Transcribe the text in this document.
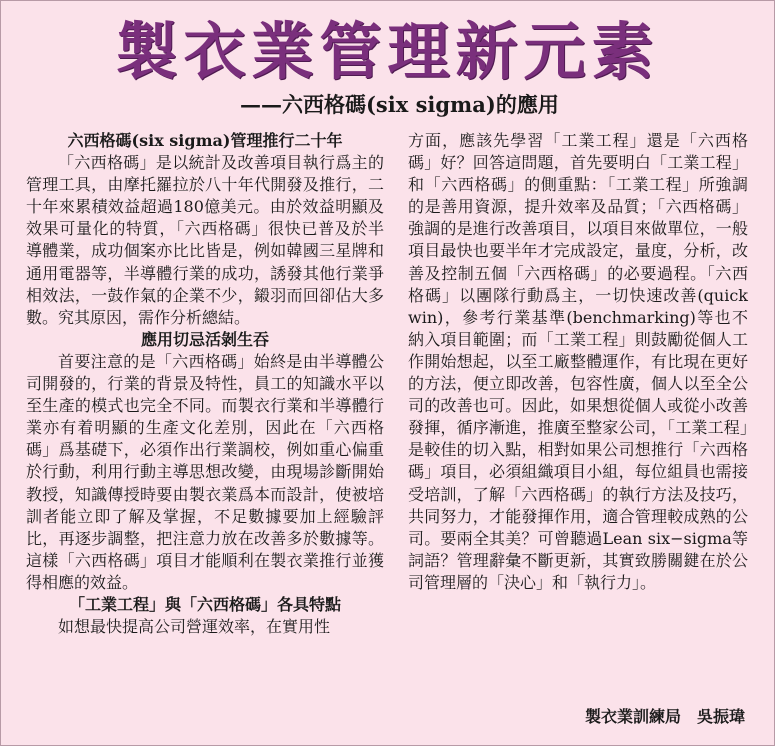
製衣業管理新元素
——六西格碼(six sigma)的應用
六西格碼(six sigma)管理推行二十年

「六西格碼」是以統計及改善項目執行爲主的管理工具，由摩托羅拉於八十年代開發及推行，二十年來累積效益超過180億美元。由於效益明顯及效果可量化的特質，「六西格碼」很快已普及於半導體業，成功個案亦比比皆是，例如韓國三星牌和通用電器等，半導體行業的成功，誘發其他行業爭相效法，一鼓作氣的企業不少，鎩羽而回卻佔大多數。究其原因，需作分析總結。

應用切忌活剝生吞

首要注意的是「六西格碼」始終是由半導體公司開發的，行業的背景及特性，員工的知識水平以至生產的模式也完全不同。而製衣行業和半導體行業亦有着明顯的生產文化差別，因此在「六西格碼」爲基礎下，必須作出行業調校，例如重心偏重於行動，利用行動主導思想改變，由現場診斷開始教授，知識傳授時要由製衣業爲本而設計，使被培訓者能立即了解及掌握，不足數據要加上經驗評比，再逐步調整，把注意力放在改善多於數據等。這樣「六西格碼」項目才能順利在製衣業推行並獲得相應的效益。

「工業工程」與「六西格碼」各具特點

如想最快提高公司營運效率，在實用性

方面，應該先學習「工業工程」還是「六西格碼」好？回答這問題，首先要明白「工業工程」和「六西格碼」的側重點：「工業工程」所強調的是善用資源，提升效率及品質；「六西格碼」強調的是進行改善項目，以項目來做單位，一般項目最快也要半年才完成設定，量度，分析，改善及控制五個「六西格碼」的必要過程。「六西格碼」以團隊行動爲主，一切快速改善(quick win)，參考行業基準(benchmarking)等也不納入項目範圍；而「工業工程」則鼓勵從個人工作開始想起，以至工廠整體運作，有比現在更好的方法，便立即改善，包容性廣，個人以至全公司的改善也可。因此，如果想從個人或從小改善發揮，循序漸進，推廣至整家公司，「工業工程」是較佳的切入點，相對如果公司想推行「六西格碼」項目，必須組織項目小組，每位組員也需接受培訓，了解「六西格碼」的執行方法及技巧，共同努力，才能發揮作用，適合管理較成熟的公司。要兩全其美？可曾聽過Lean six−sigma等詞語？管理辭彙不斷更新，其實致勝關鍵在於公司管理層的「決心」和「執行力」。

製衣業訓練局　吳振瑋
